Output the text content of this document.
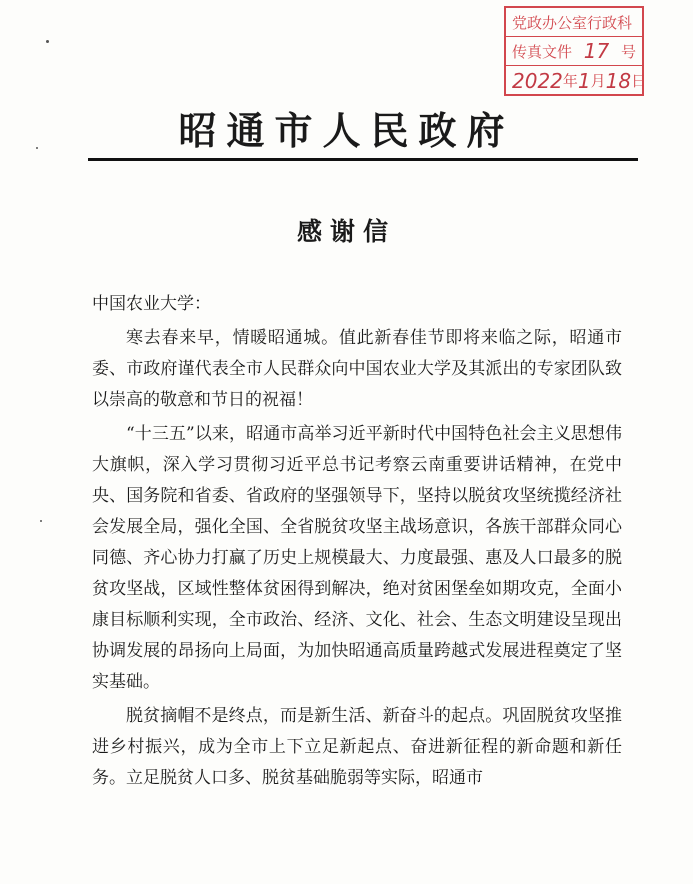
党政办公室行政科
传真文件 17 号
2022 年 1 月 18 日
昭通市人民政府
感谢信

中国农业大学：

寒去春来早，情暖昭通城。值此新春佳节即将来临之际，昭通市委、市政府谨代表全市人民群众向中国农业大学及其派出的专家团队致以崇高的敬意和节日的祝福！

“十三五”以来，昭通市高举习近平新时代中国特色社会主义思想伟大旗帜，深入学习贯彻习近平总书记考察云南重要讲话精神，在党中央、国务院和省委、省政府的坚强领导下，坚持以脱贫攻坚统揽经济社会发展全局，强化全国、全省脱贫攻坚主战场意识，各族干部群众同心同德、齐心协力打赢了历史上规模最大、力度最强、惠及人口最多的脱贫攻坚战，区域性整体贫困得到解决，绝对贫困堡垒如期攻克，全面小康目标顺利实现，全市政治、经济、文化、社会、生态文明建设呈现出协调发展的昂扬向上局面，为加快昭通高质量跨越式发展进程奠定了坚实基础。

脱贫摘帽不是终点，而是新生活、新奋斗的起点。巩固脱贫攻坚推进乡村振兴，成为全市上下立足新起点、奋进新征程的新命题和新任务。立足脱贫人口多、脱贫基础脆弱等实际，昭通市
